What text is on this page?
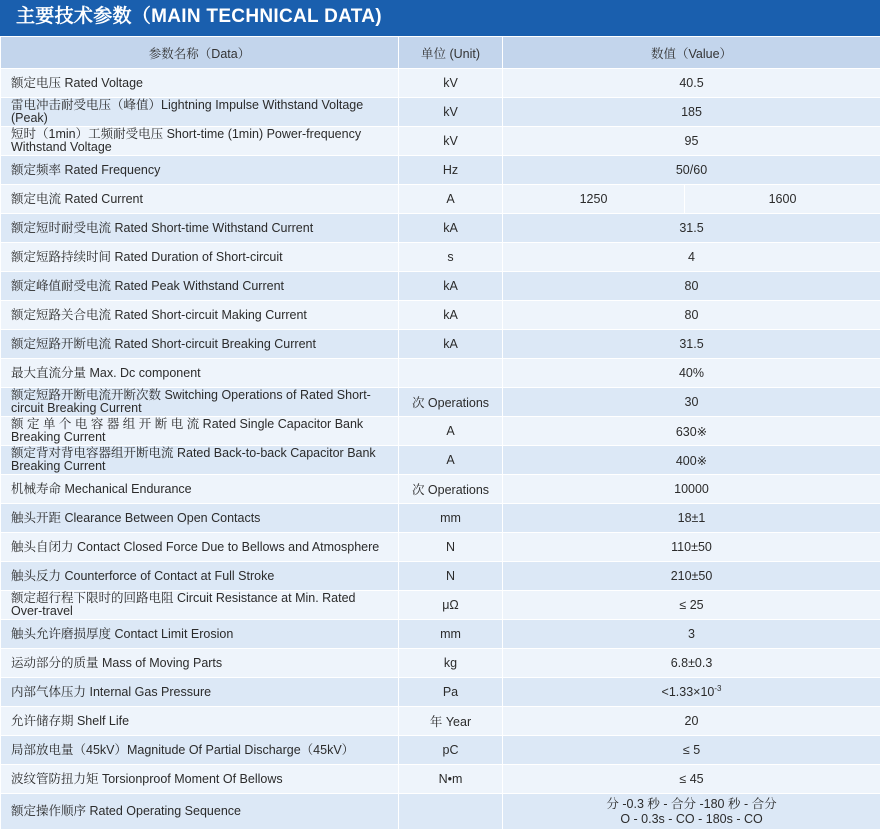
主要技术参数（MAIN TECHNICAL DATA)
参数名称（Data）	单位 (Unit)	数值（Value）	
额定电压 Rated Voltage	kV	40.5	
雷电冲击耐受电压（峰值）Lightning Impulse Withstand Voltage (Peak)	kV	185	
短时（1min）工频耐受电压 Short-time (1min) Power-frequency Withstand Voltage	kV	95	
额定频率 Rated Frequency	Hz	50/60	
额定电流 Rated Current	A	1250	1600
额定短时耐受电流 Rated Short-time Withstand Current	kA	31.5	
额定短路持续时间 Rated Duration of Short-circuit	s	4	
额定峰值耐受电流 Rated Peak Withstand Current	kA	80	
额定短路关合电流 Rated Short-circuit Making Current	kA	80	
额定短路开断电流 Rated Short-circuit Breaking Current	kA	31.5	
最大直流分量 Max. Dc component		40%	
额定短路开断电流开断次数 Switching Operations of Rated Short-circuit Breaking Current	次 Operations	30	
额 定 单 个 电 容 器 组 开 断 电 流 Rated Single Capacitor Bank Breaking Current	A	630※	
额定背对背电容器组开断电流 Rated Back-to-back Capacitor Bank Breaking Current	A	400※	
机械寿命 Mechanical Endurance	次 Operations	10000	
触头开距 Clearance Between Open Contacts	mm	18±1	
触头自闭力 Contact Closed Force Due to Bellows and Atmosphere	N	110±50	
触头反力 Counterforce of Contact at Full Stroke	N	210±50	
额定超行程下限时的回路电阻 Circuit Resistance at Min. Rated Over-travel	μΩ	≤ 25	
触头允许磨损厚度 Contact Limit Erosion	mm	3	
运动部分的质量 Mass of Moving Parts	kg	6.8±0.3	
内部气体压力 Internal Gas Pressure	Pa	$<1.33\times 10^{-3}$
允许储存期 Shelf Life	年 Year	20	
局部放电量（45kV）Magnitude Of Partial Discharge（45kV）	pC	≤ 5	
波纹管防扭力矩 Torsionproof Moment Of Bellows	N•m	≤ 45	
额定操作顺序 Rated Operating Sequence		分 -0.3 秒 - 合分 -180 秒 - 合分
O - 0.3s - CO - 180s - CO	
